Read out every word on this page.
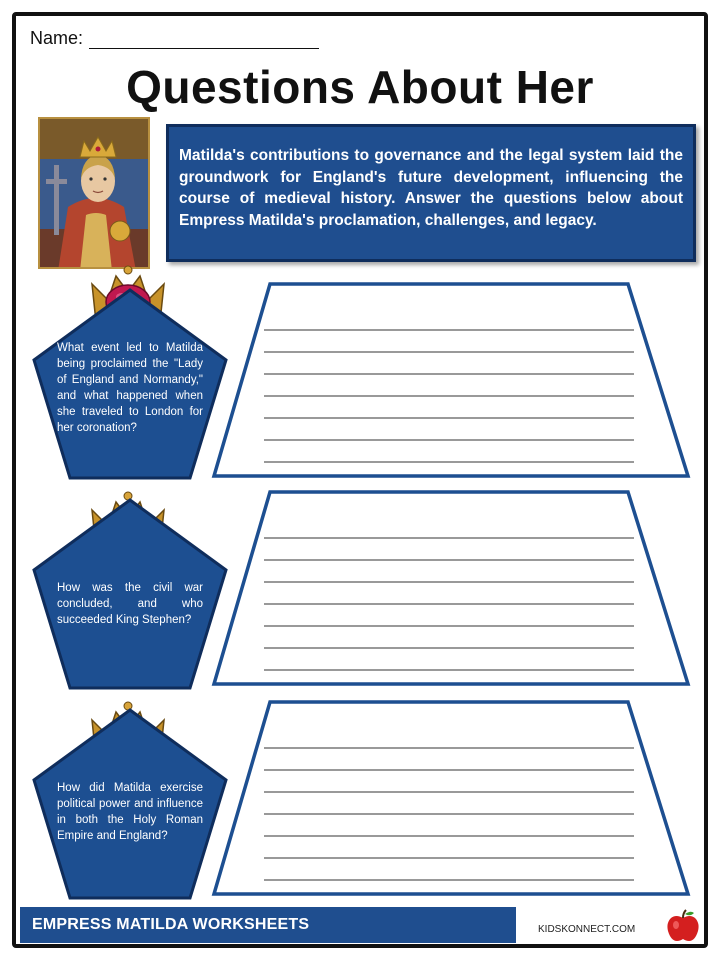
Name:
Questions About Her
Matilda's contributions to governance and the legal system laid the groundwork for England's future development, influencing the course of medieval history. Answer the questions below about Empress Matilda's proclamation, challenges, and legacy.
What event led to Matilda being proclaimed the "Lady of England and Normandy," and what happened when she traveled to London for her coronation?
How was the civil war concluded, and who succeeded King Stephen?
How did Matilda exercise political power and influence in both the Holy Roman Empire and England?
EMPRESS MATILDA WORKSHEETS	KIDSKONNECT.COM
